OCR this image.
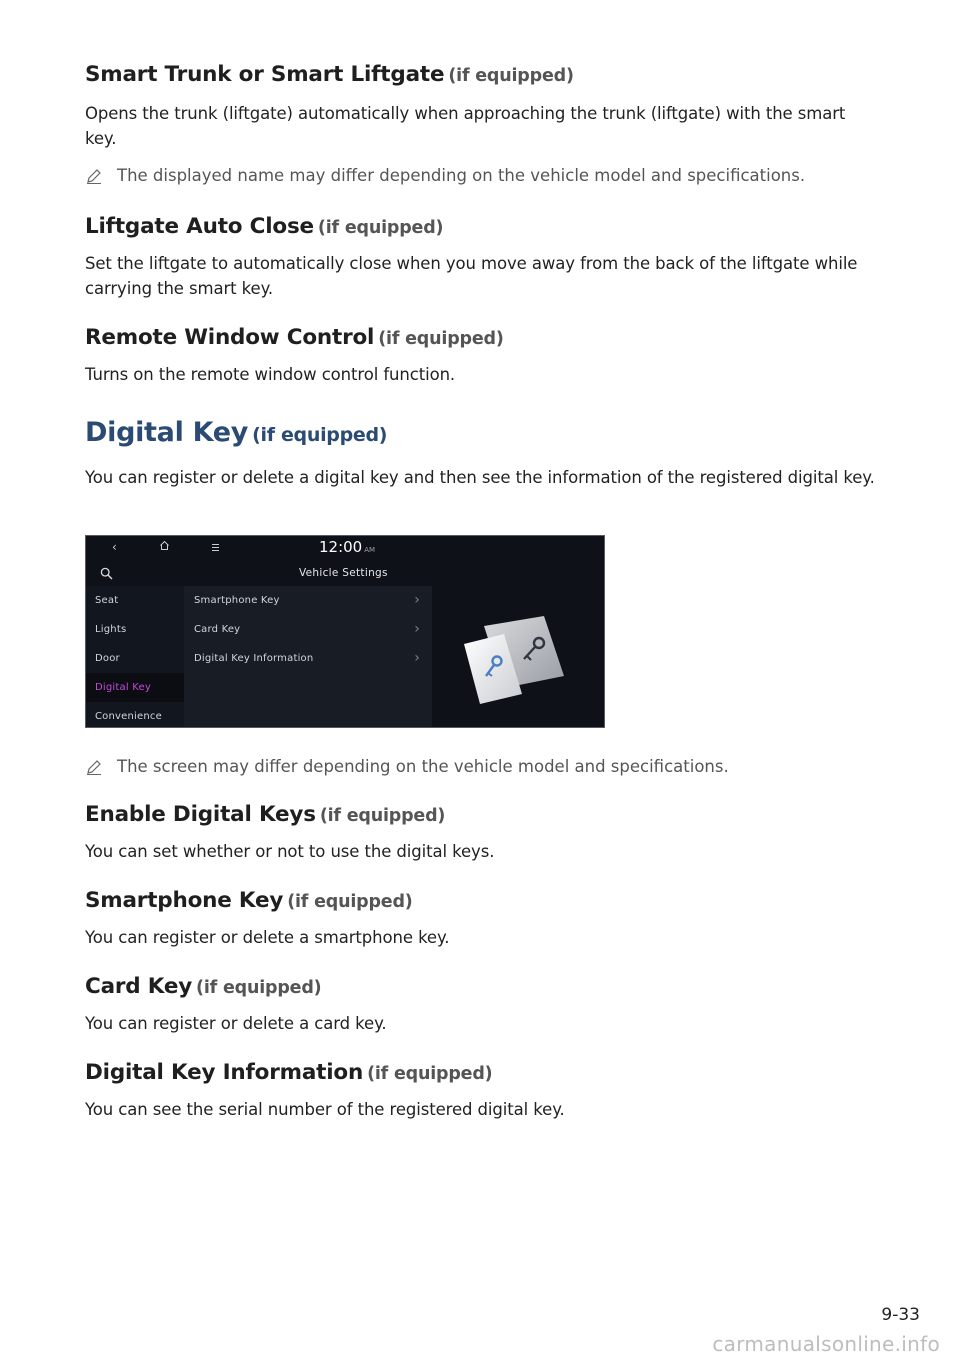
Smart Trunk or Smart Liftgate (if equipped)

Opens the trunk (liftgate) automatically when approaching the trunk (liftgate) with the smart key.

The displayed name may differ depending on the vehicle model and specifications.
Liftgate Auto Close (if equipped)

Set the liftgate to automatically close when you move away from the back of the liftgate while carrying the smart key.

Remote Window Control (if equipped)

Turns on the remote window control function.

Digital Key (if equipped)

You can register or delete a digital key and then see the information of the registered digital key.

‹	12:00 AM
Vehicle Settings
Seat
Lights
Door
Digital Key
Convenience
Smartphone Key	›
Card Key	›
Digital Key Information	›
The screen may differ depending on the vehicle model and specifications.
Enable Digital Keys (if equipped)

You can set whether or not to use the digital keys.

Smartphone Key (if equipped)

You can register or delete a smartphone key.

Card Key (if equipped)

You can register or delete a card key.

Digital Key Information (if equipped)

You can see the serial number of the registered digital key.

9-33
carmanualsonline.info
